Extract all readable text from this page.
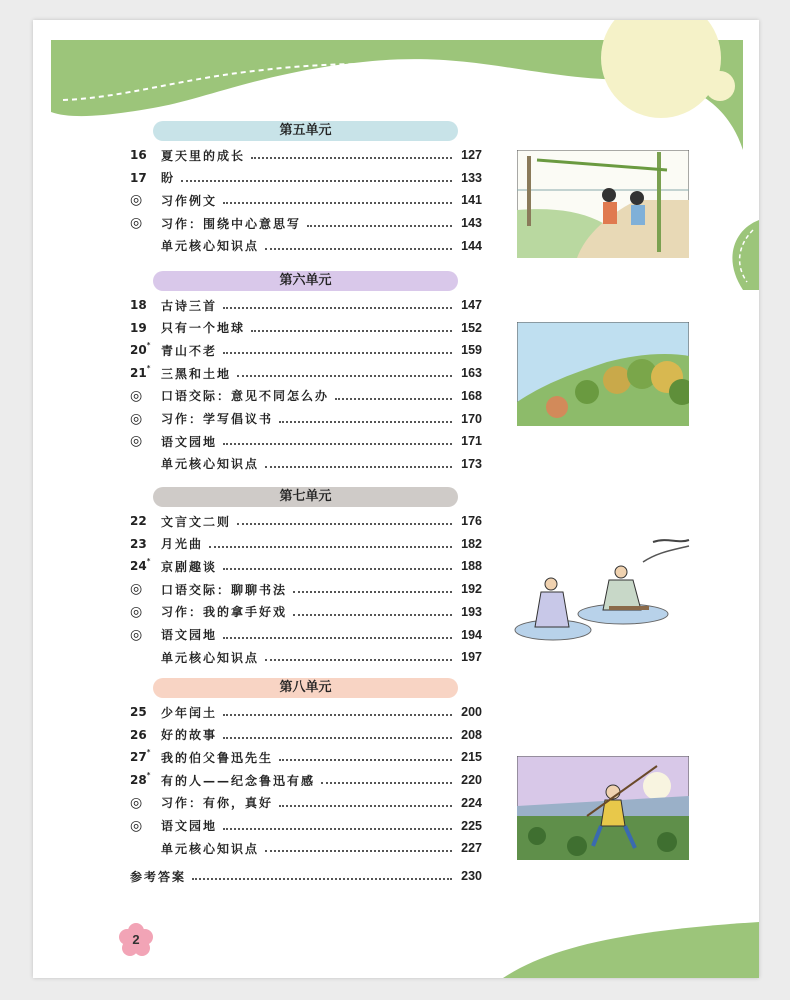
第五单元
16	夏天里的成长	127
17	盼	133
◎	习作例文	141
◎	习作：围绕中心意思写	143
单元核心知识点	144
第六单元
18	古诗三首	147
19	只有一个地球	152
20* 青山不老	159
21* 三黑和土地	163
◎	口语交际：意见不同怎么办	168
◎	习作：学写倡议书	170
◎	语文园地	171
单元核心知识点	173
第七单元
22	文言文二则	176
23	月光曲	182
24* 京剧趣谈	188
◎	口语交际：聊聊书法	192
◎	习作：我的拿手好戏	193
◎	语文园地	194
单元核心知识点	197
第八单元
25	少年闰土	200
26	好的故事	208
27* 我的伯父鲁迅先生	215
28* 有的人——纪念鲁迅有感	220
◎	习作：有你，真好	224
◎	语文园地	225
单元核心知识点	227
参考答案	230
2
